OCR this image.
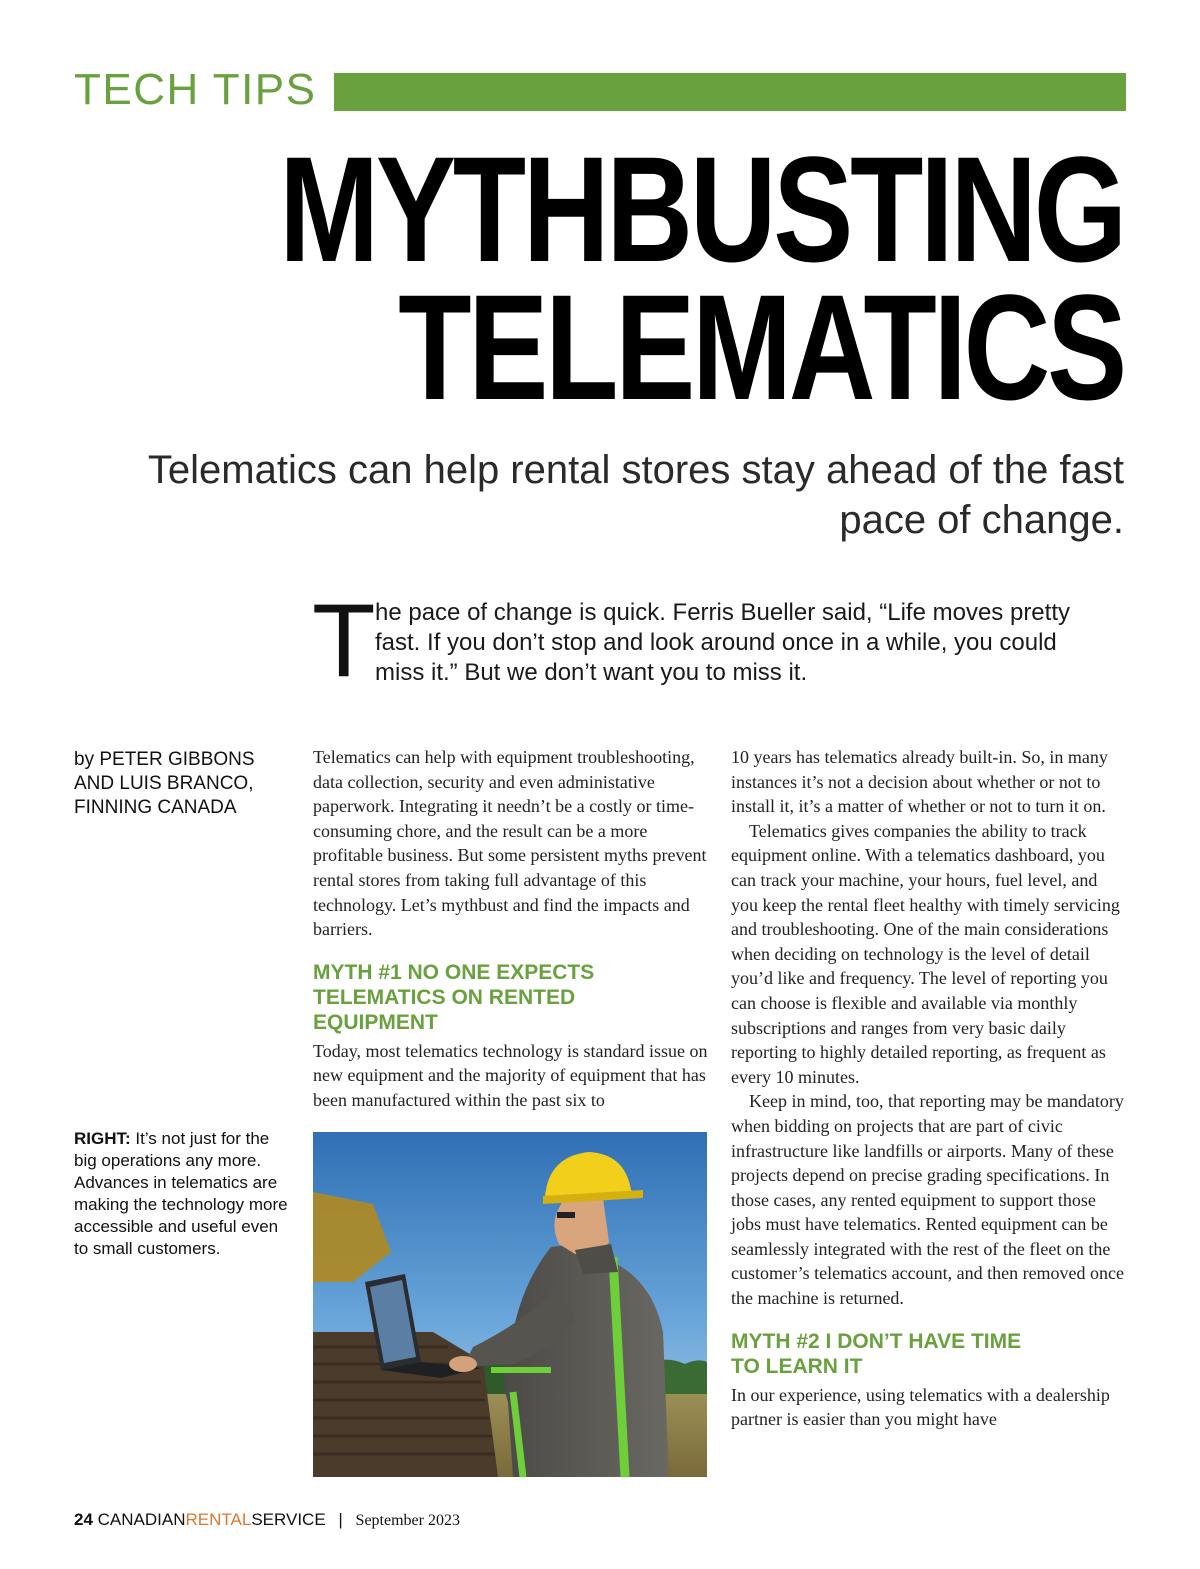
TECH TIPS
MYTHBUSTING
TELEMATICS
Telematics can help rental stores stay ahead of the fast pace of change.
T he pace of change is quick. Ferris Bueller said, “Life moves pretty fast. If you don’t stop and look around once in a while, you could miss it.” But we don’t want you to miss it.
by PETER GIBBONS
AND LUIS BRANCO,
FINNING CANADA
RIGHT: It’s not just for the big operations any more. Advances in telematics are making the technology more accessible and useful even to small customers.

Telematics can help with equipment troubleshooting, data collection, security and even administative paperwork. Integrating it needn’t be a costly or time-consuming chore, and the result can be a more profitable business. But some persistent myths prevent rental stores from taking full advantage of this technology. Let’s mythbust and find the impacts and barriers.

MYTH #1 NO ONE EXPECTS
TELEMATICS ON RENTED
EQUIPMENT

Today, most telematics technology is standard issue on new equipment and the majority of equipment that has been manufactured within the past six to

10 years has telematics already built-in. So, in many instances it’s not a decision about whether or not to install it, it’s a matter of whether or not to turn it on.

Telematics gives companies the ability to track equipment online. With a telematics dashboard, you can track your machine, your hours, fuel level, and you keep the rental fleet healthy with timely servicing and troubleshooting. One of the main considerations when deciding on technology is the level of detail you’d like and frequency. The level of reporting you can choose is flexible and available via monthly subscriptions and ranges from very basic daily reporting to highly detailed reporting, as frequent as every 10 minutes.

Keep in mind, too, that reporting may be mandatory when bidding on projects that are part of civic infrastructure like landfills or airports. Many of these projects depend on precise grading specifications. In those cases, any rented equipment to support those jobs must have telematics. Rented equipment can be seamlessly integrated with the rest of the fleet on the customer’s telematics account, and then removed once the machine is returned.

MYTH #2 I DON’T HAVE TIME
TO LEARN IT

In our experience, using telematics with a dealership partner is easier than you might have

24 CANADIANRENTALSERVICE | September 2023
